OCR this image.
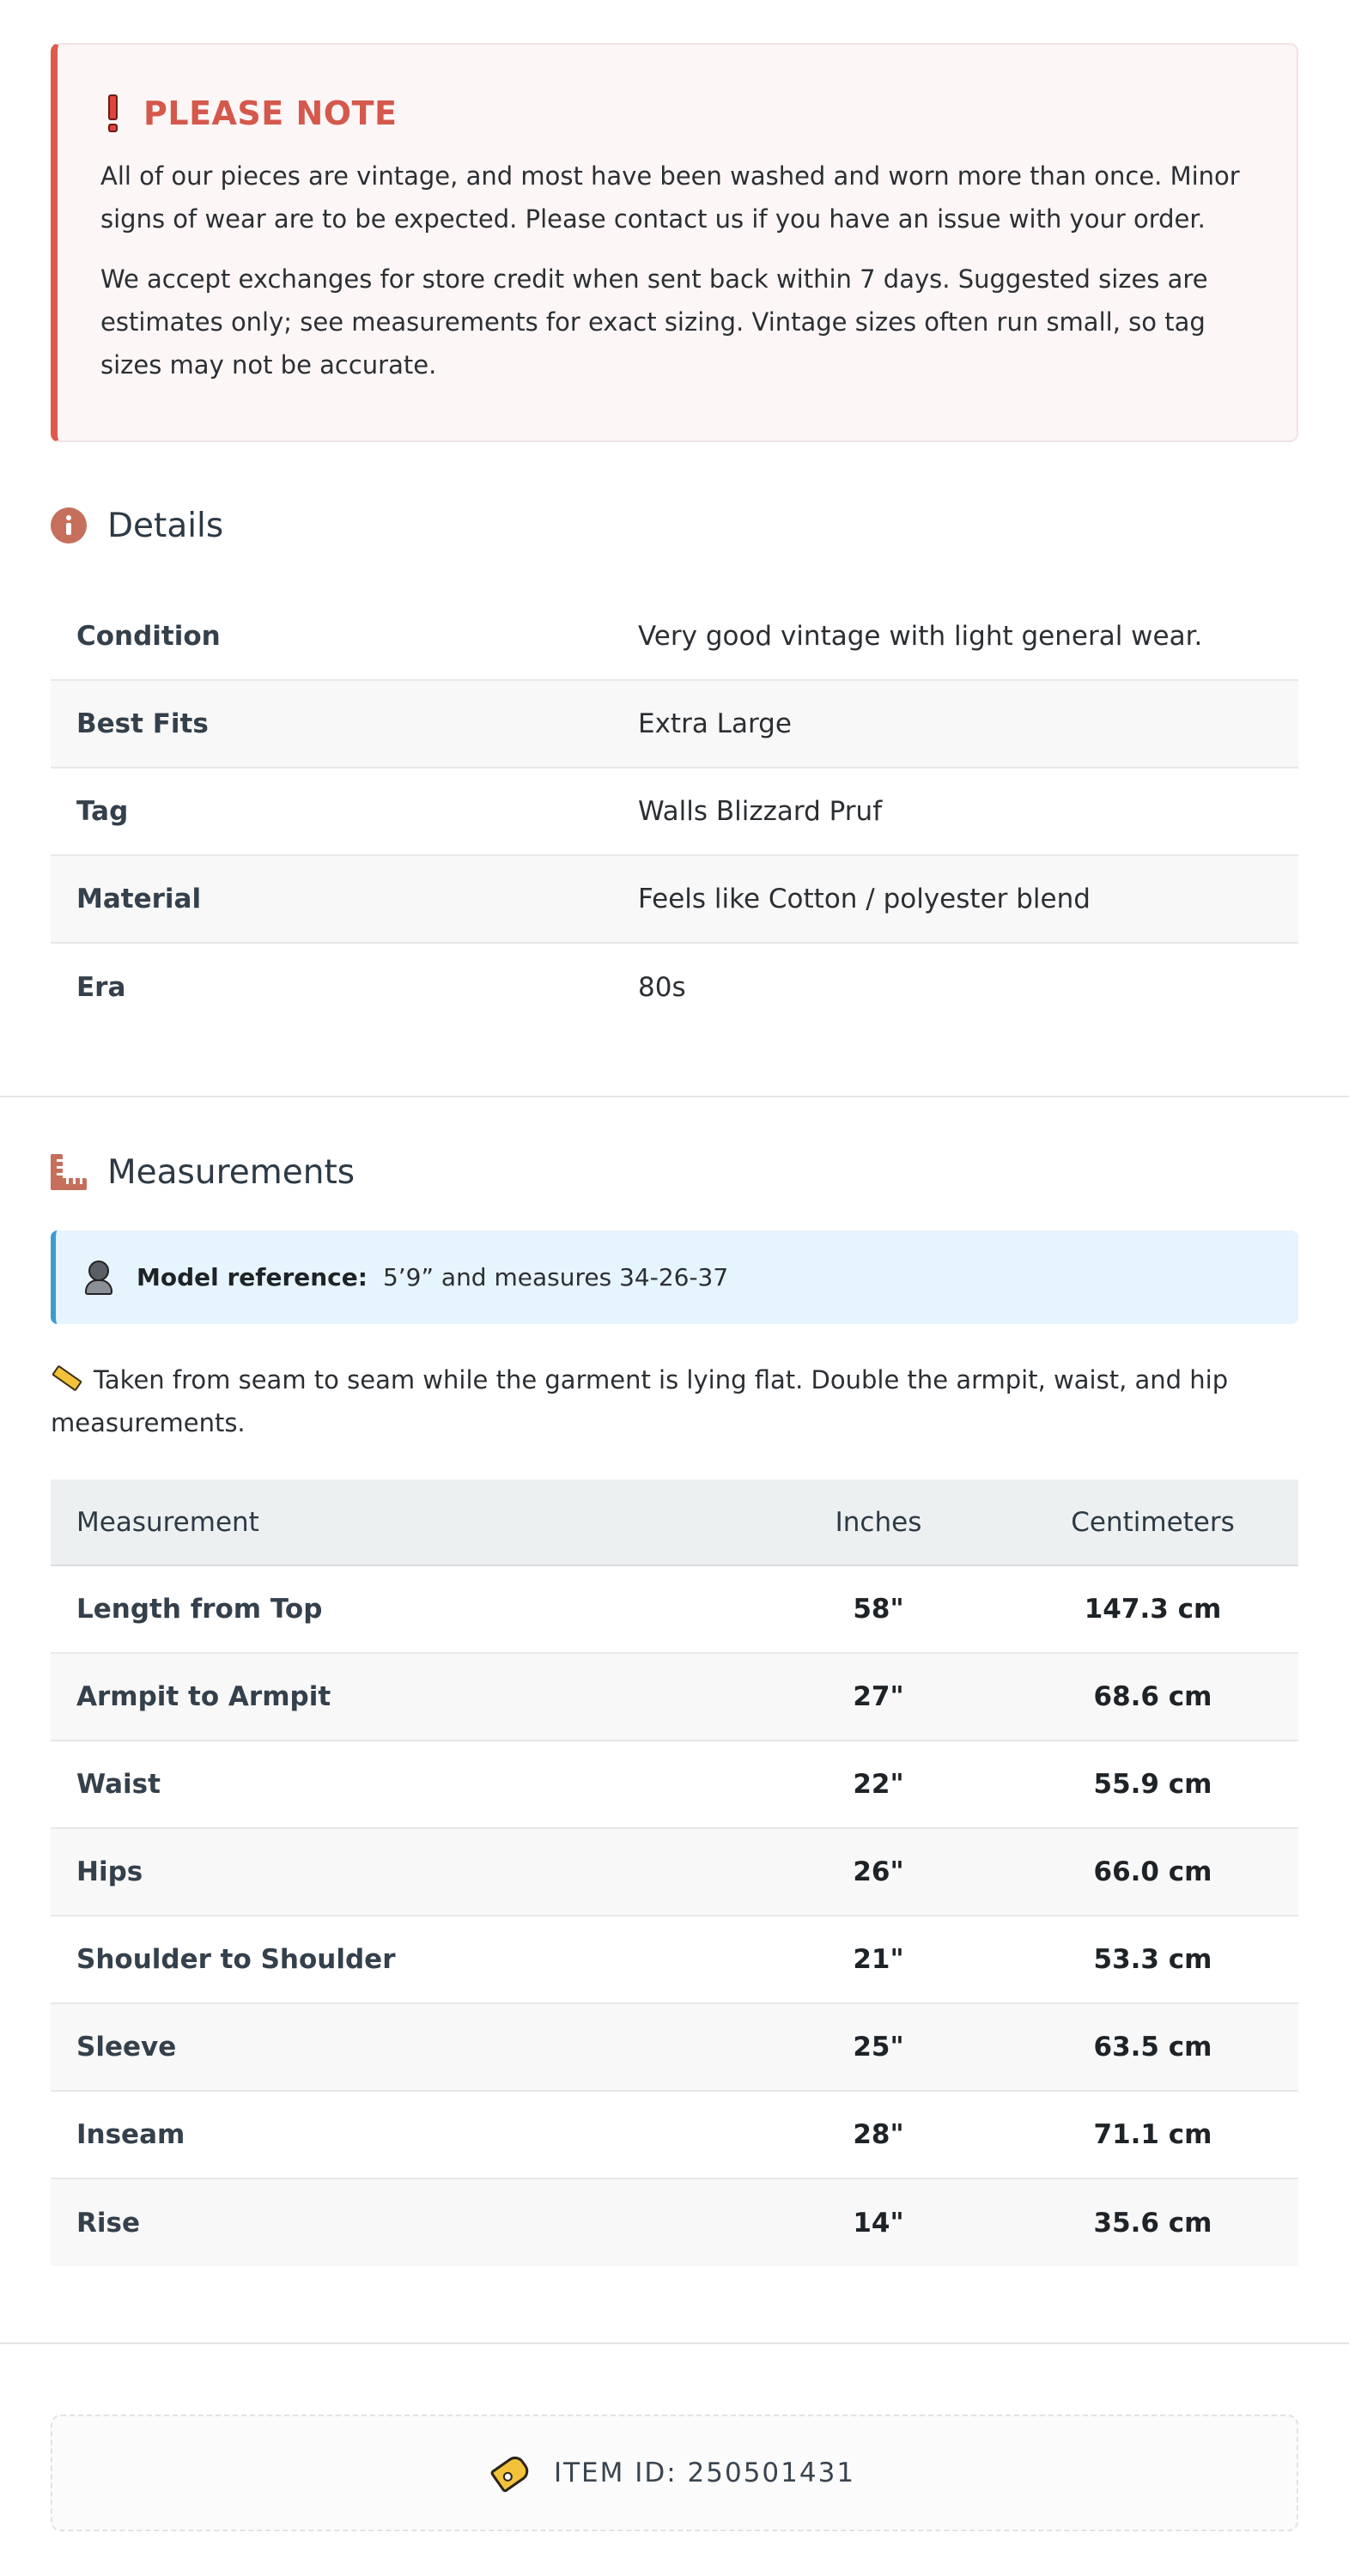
PLEASE NOTE

All of our pieces are vintage, and most have been washed and worn more than once. Minor signs of wear are to be expected. Please contact us if you have an issue with your order.

We accept exchanges for store credit when sent back within 7 days. Suggested sizes are estimates only; see measurements for exact sizing. Vintage sizes often run small, so tag sizes may not be accurate.

Details
Condition	Very good vintage with light general wear.
Best Fits	Extra Large
Tag	Walls Blizzard Pruf
Material	Feels like Cotton / polyester blend
Era	80s
Measurements
Model reference: 5’9” and measures 34-26-37
Taken from seam to seam while the garment is lying flat. Double the armpit, waist, and hip measurements.
Measurement	Inches	Centimeters
Length from Top	58"	147.3 cm
Armpit to Armpit	27"	68.6 cm
Waist	22"	55.9 cm
Hips	26"	66.0 cm
Shoulder to Shoulder	21"	53.3 cm
Sleeve	25"	63.5 cm
Inseam	28"	71.1 cm
Rise	14"	35.6 cm
ITEM ID: 250501431
